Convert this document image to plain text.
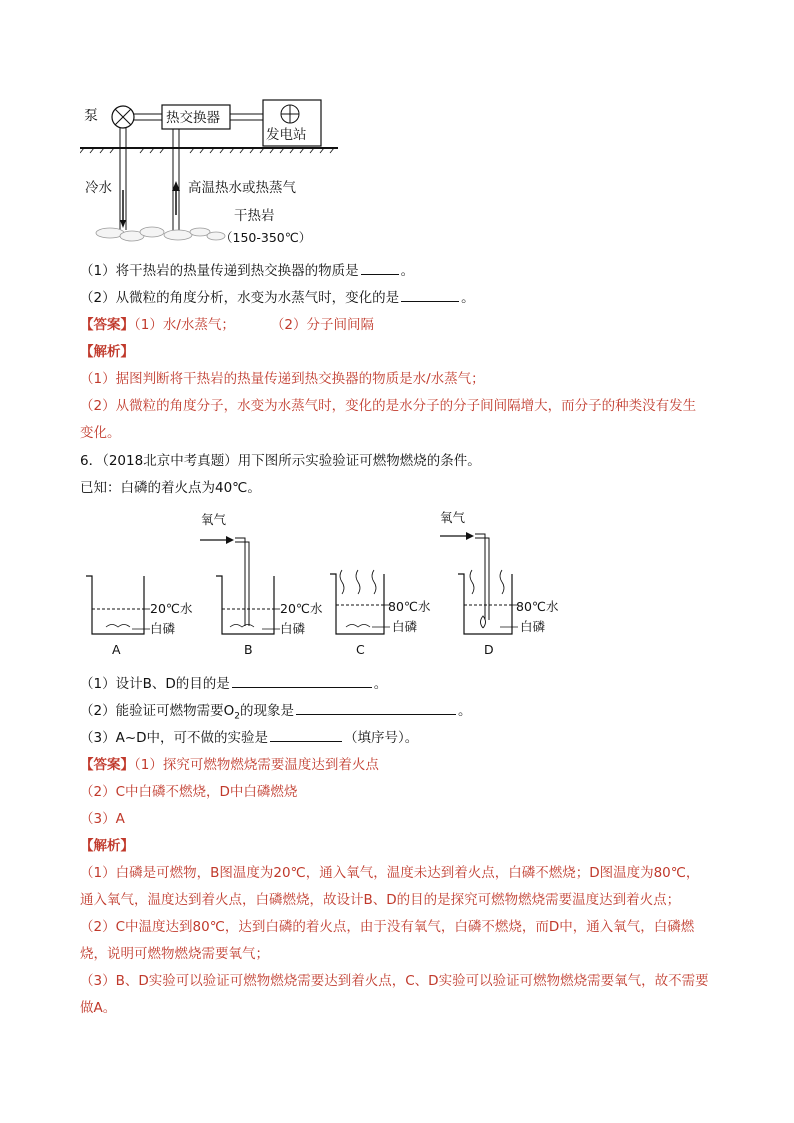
泵	热交换器
发电站
冷水	高温热水或热蒸气
干热岩
（150-350℃）
（1）将干热岩的热量传递到热交换器的物质是	。
（2）从微粒的角度分析，水变为水蒸气时，变化的是	。
【答案】（1）水/水蒸气；	（2）分子间间隔
【解析】
（1）据图判断将干热岩的热量传递到热交换器的物质是水/水蒸气；
（2）从微粒的角度分子，水变为水蒸气时，变化的是水分子的分子间间隔增大，而分子的种类没有发生
变化。
6．（2018北京中考真题）用下图所示实验验证可燃物燃烧的条件。
已知：白磷的着火点为40℃。
20℃水
白磷
A
氧气
20℃水
白磷
B
80℃水
白磷
C
氧气
80℃水
白磷
D
（1）设计B、D的目的是	。
（2）能验证可燃物需要$O_2$的现象是	。
（3）A~D中，可不做的实验是	（填序号）。
【答案】（1）探究可燃物燃烧需要温度达到着火点
（2）C中白磷不燃烧，D中白磷燃烧
（3）A
【解析】
（1）白磷是可燃物，B图温度为20℃，通入氧气，温度未达到着火点，白磷不燃烧；D图温度为80℃，
通入氧气，温度达到着火点，白磷燃烧，故设计B、D的目的是探究可燃物燃烧需要温度达到着火点；
（2）C中温度达到80℃，达到白磷的着火点，由于没有氧气，白磷不燃烧，而D中，通入氧气，白磷燃
烧，说明可燃物燃烧需要氧气；
（3）B、D实验可以验证可燃物燃烧需要达到着火点，C、D实验可以验证可燃物燃烧需要氧气，故不需要
做A。
